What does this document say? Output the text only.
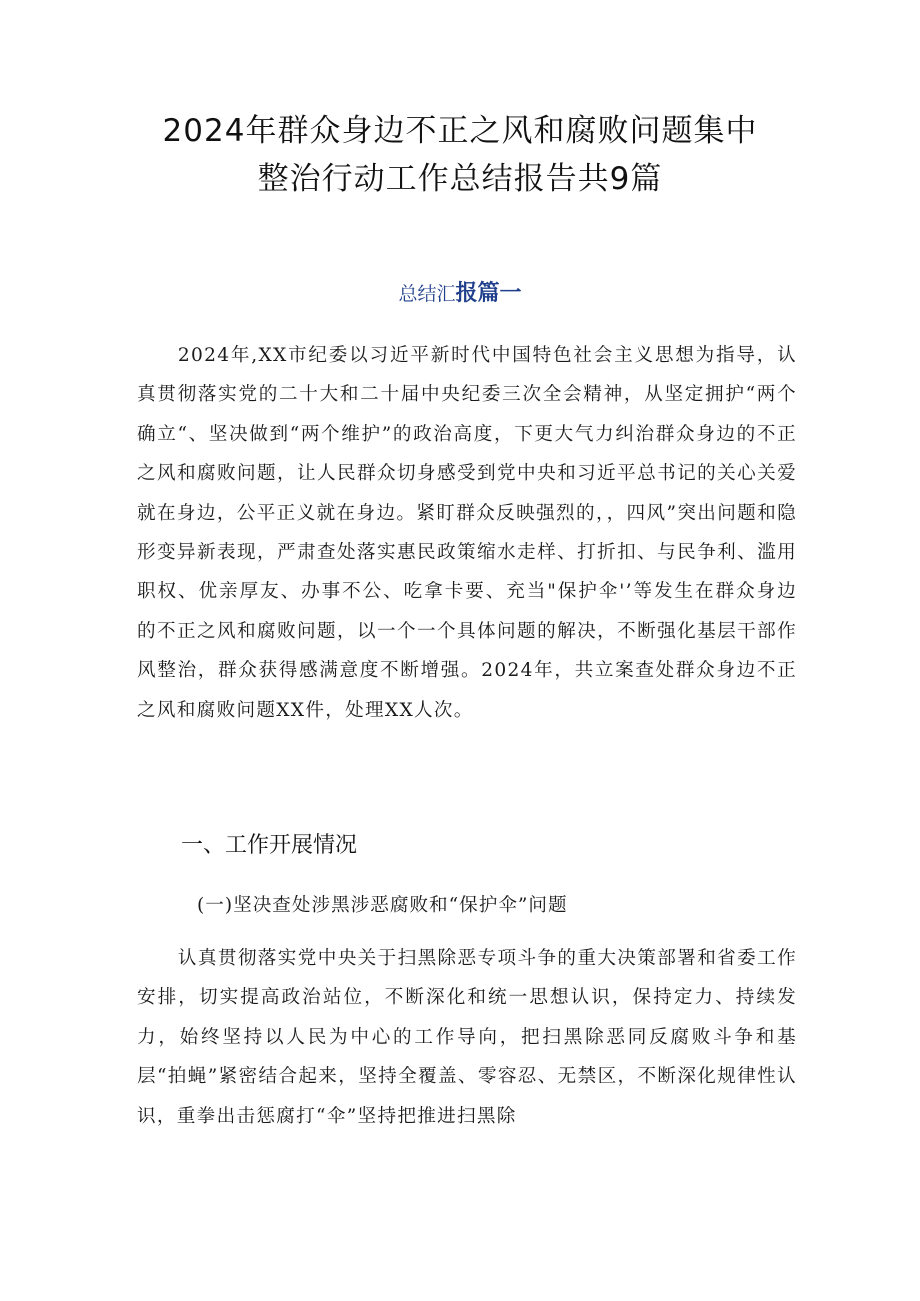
2024年群众身边不正之风和腐败问题集中
整治行动工作总结报告共9篇
总结汇报篇一

2024年,XX市纪委以习近平新时代中国特色社会主义思想为指导，认真贯彻落实党的二十大和二十届中央纪委三次全会精神，从坚定拥护“两个确立“、坚决做到“两个维护”的政治高度，下更大气力纠治群众身边的不正之风和腐败问题，让人民群众切身感受到党中央和习近平总书记的关心关爱就在身边，公平正义就在身边。紧盯群众反映强烈的，，四风”突出问题和隐形变异新表现，严肃查处落实惠民政策缩水走样、打折扣、与民争利、滥用职权、优亲厚友、办事不公、吃拿卡要、充当"保护伞'’等发生在群众身边的不正之风和腐败问题，以一个一个具体问题的解决，不断强化基层干部作风整治，群众获得感满意度不断增强。2024年，共立案查处群众身边不正之风和腐败问题XX件，处理XX人次。

一、工作开展情况
(一)坚决查处涉黑涉恶腐败和“保护伞”问题

认真贯彻落实党中央关于扫黑除恶专项斗争的重大决策部署和省委工作安排，切实提高政治站位，不断深化和统一思想认识，保持定力、持续发力，始终坚持以人民为中心的工作导向，把扫黑除恶同反腐败斗争和基层“拍蝇”紧密结合起来，坚持全覆盖、零容忍、无禁区，不断深化规律性认识，重拳出击惩腐打“伞”坚持把推进扫黑除
